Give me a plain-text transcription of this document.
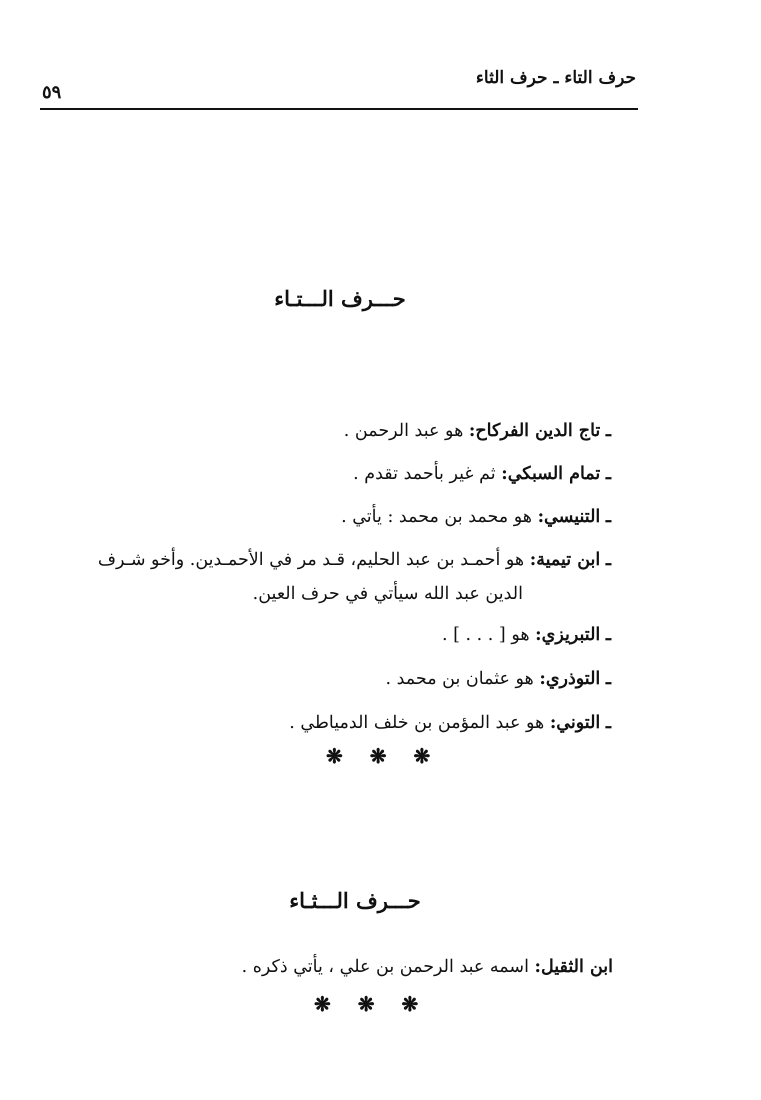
حرف التاء ـ حرف الثاء
٥٩
حـــرف الـــتـاء
ـ تاج الدين الفركاح: هو عبد الرحمن .
ـ تمام السبكي: ثم غير بأحمد تقدم .
ـ التنيسي: هو محمد بن محمد : يأتي .
ـ ابن تيمية: هو أحمـد بن عبد الحليم، قـد مر في الأحمـدين. وأخو شـرف
الدين عبد الله سيأتي في حرف العين.
ـ التبريزي: هو [ . . . ] .
ـ التوذري: هو عثمان بن محمد .
ـ التوني: هو عبد المؤمن بن خلف الدمياطي .
❋ ❋ ❋
حـــرف الـــثـاء
ابن الثقيل: اسمه عبد الرحمن بن علي ، يأتي ذكره .
❋ ❋ ❋
